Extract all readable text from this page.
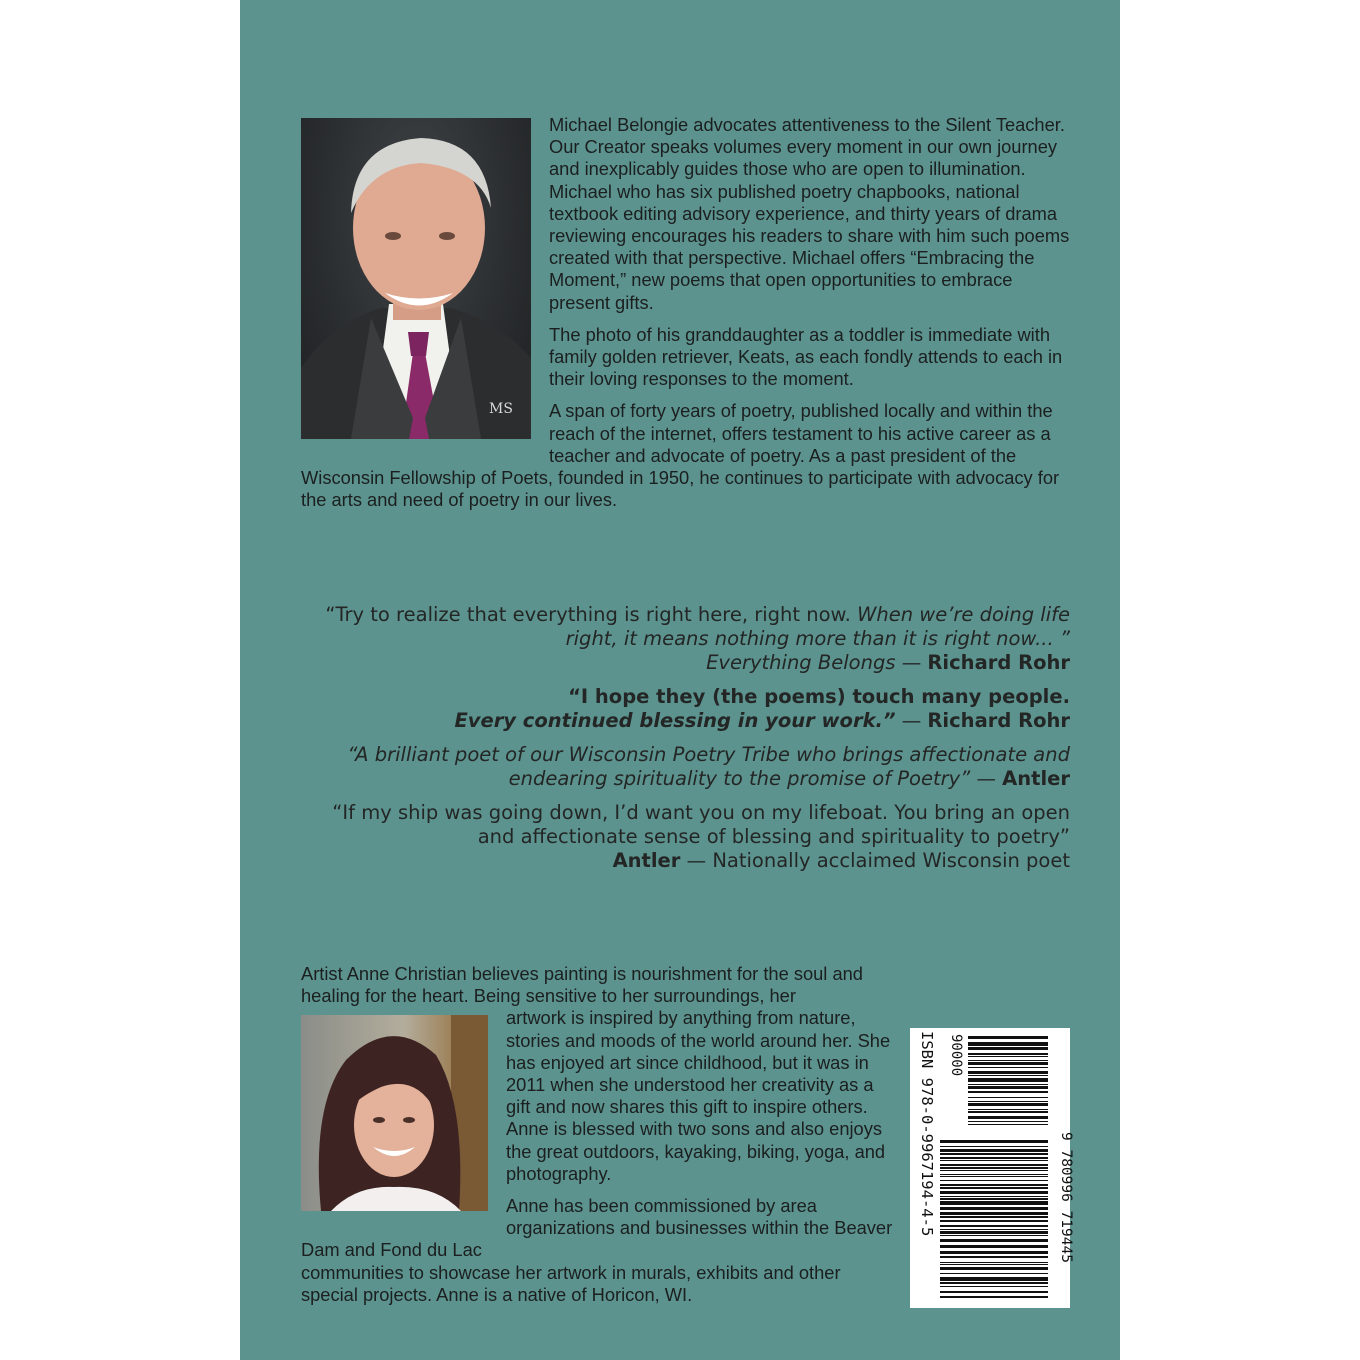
MS

Michael Belongie advocates attentiveness to the Silent Teacher. Our Creator speaks volumes every moment in our own journey and inexplicably guides those who are open to illumination. Michael who has six published poetry chapbooks, national textbook editing advisory experience, and thirty years of drama reviewing encourages his readers to share with him such poems created with that perspective. Michael offers “Embracing the Moment,” new poems that open opportunities to embrace present gifts.

The photo of his granddaughter as a toddler is immediate with family golden retriever, Keats, as each fondly attends to each in their loving responses to the moment.

A span of forty years of poetry, published locally and within the reach of the internet, offers testament to his active career as a teacher and advocate of poetry. As a past president of the Wisconsin Fellowship of Poets, founded in 1950, he continues to participate with advocacy for the arts and need of poetry in our lives.

“Try to realize that everything is right here, right now. When we’re doing life right, it means nothing more than it is right now... ”
Everything Belongs — Richard Rohr

“I hope they (the poems) touch many people.
Every continued blessing in your work.” — Richard Rohr

“A brilliant poet of our Wisconsin Poetry Tribe who brings affectionate and endearing spirituality to the promise of Poetry” — Antler

“If my ship was going down, I’d want you on my lifeboat. You bring an open and affectionate sense of blessing and spirituality to poetry”
Antler — Nationally acclaimed Wisconsin poet

Artist Anne Christian believes painting is nourishment for the soul and healing for the heart. Being sensitive to her surroundings, her

artwork is inspired by anything from nature, stories and moods of the world around her. She has enjoyed art since childhood, but it was in 2011 when she understood her creativity as a gift and now shares this gift to inspire others. Anne is blessed with two sons and also enjoys the great outdoors, kayaking, biking, yoga, and photography.

Anne has been commissioned by area organizations and businesses within the Beaver Dam and Fond du Lac

communities to showcase her artwork in murals, exhibits and other special projects. Anne is a native of Horicon, WI.

ISBN 978-0-9967194-4-5	9 780996 719445
90000
